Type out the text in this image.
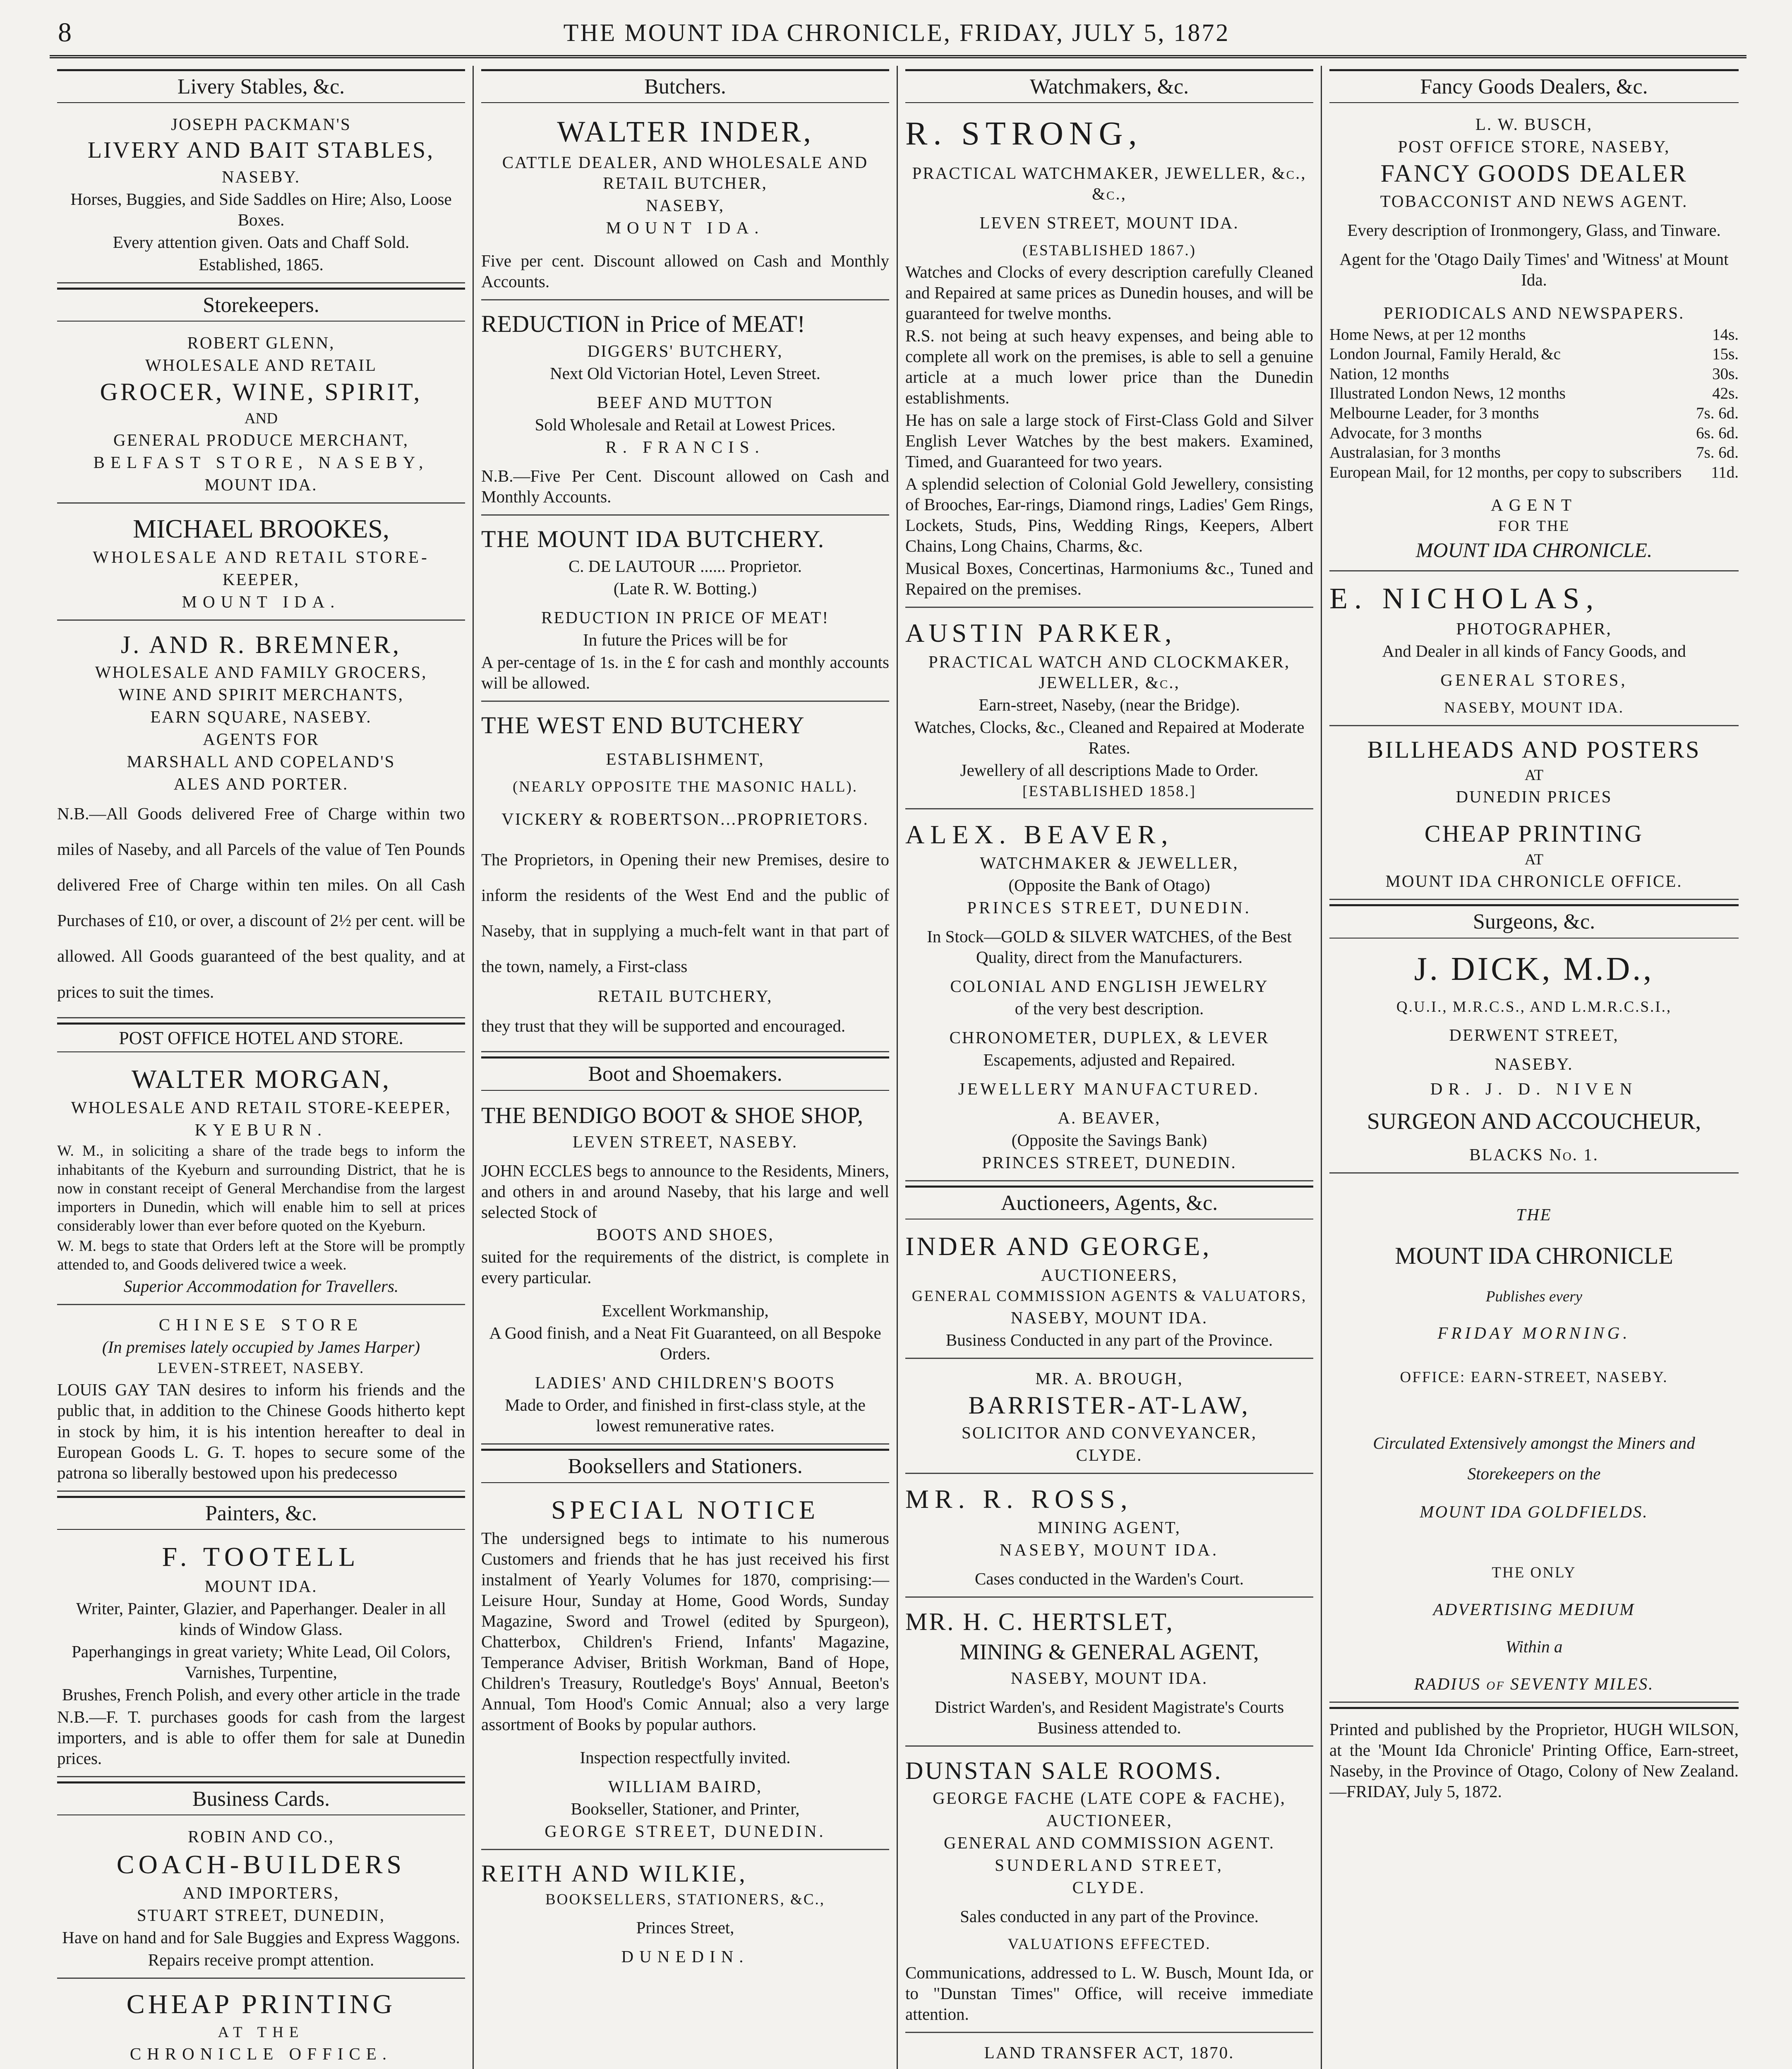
8	THE MOUNT IDA CHRONICLE, FRIDAY, JULY 5, 1872
Livery Stables, &c.

JOSEPH PACKMAN'S

LIVERY AND BAIT STABLES,

NASEBY.

Horses, Buggies, and Side Saddles on Hire; Also, Loose Boxes.

Every attention given. Oats and Chaff Sold.

Established, 1865.

Storekeepers.

ROBERT GLENN,

WHOLESALE AND RETAIL

GROCER, WINE, SPIRIT,

AND

GENERAL PRODUCE MERCHANT,

BELFAST STORE, NASEBY,

MOUNT IDA.

MICHAEL BROOKES,

WHOLESALE AND RETAIL STORE-

KEEPER,

MOUNT IDA.

J. AND R. BREMNER,

WHOLESALE AND FAMILY GROCERS,

WINE AND SPIRIT MERCHANTS,

EARN SQUARE, NASEBY.

AGENTS FOR

MARSHALL AND COPELAND'S

ALES AND PORTER.

N.B.—All Goods delivered Free of Charge within two miles of Naseby, and all Parcels of the value of Ten Pounds delivered Free of Charge within ten miles. On all Cash Purchases of £10, or over, a discount of 2½ per cent. will be allowed. All Goods guaranteed of the best quality, and at prices to suit the times.

POST OFFICE HOTEL AND STORE.

WALTER MORGAN,

WHOLESALE AND RETAIL STORE-KEEPER,

KYEBURN.

W. M., in soliciting a share of the trade begs to inform the inhabitants of the Kyeburn and surrounding District, that he is now in constant receipt of General Merchandise from the largest importers in Dunedin, which will enable him to sell at prices considerably lower than ever before quoted on the Kyeburn.

W. M. begs to state that Orders left at the Store will be promptly attended to, and Goods delivered twice a week.

Superior Accommodation for Travellers.

CHINESE STORE

(In premises lately occupied by James Harper)

LEVEN-STREET, NASEBY.

LOUIS GAY TAN desires to inform his friends and the public that, in addition to the Chinese Goods hitherto kept in stock by him, it is his intention hereafter to deal in European Goods L. G. T. hopes to secure some of the patrona so liberally bestowed upon his predecesso

Painters, &c.

F. TOOTELL

MOUNT IDA.

Writer, Painter, Glazier, and Paperhanger. Dealer in all kinds of Window Glass.

Paperhangings in great variety; White Lead, Oil Colors, Varnishes, Turpentine,

Brushes, French Polish, and every other article in the trade

N.B.—F. T. purchases goods for cash from the largest importers, and is able to offer them for sale at Dunedin prices.

Business Cards.

ROBIN AND CO.,

COACH-BUILDERS

AND IMPORTERS,

STUART STREET, DUNEDIN,

Have on hand and for Sale Buggies and Express Waggons.

Repairs receive prompt attention.

CHEAP PRINTING

AT THE

CHRONICLE OFFICE.

Butchers.

WALTER INDER,

CATTLE DEALER, AND WHOLESALE AND RETAIL BUTCHER,

NASEBY,

MOUNT IDA.

Five per cent. Discount allowed on Cash and Monthly Accounts.

REDUCTION in Price of MEAT!

DIGGERS' BUTCHERY,

Next Old Victorian Hotel, Leven Street.

BEEF AND MUTTON

Sold Wholesale and Retail at Lowest Prices.

R. FRANCIS.

N.B.—Five Per Cent. Discount allowed on Cash and Monthly Accounts.

THE MOUNT IDA BUTCHERY.

C. DE LAUTOUR ...... Proprietor.

(Late R. W. Botting.)

REDUCTION IN PRICE OF MEAT!

In future the Prices will be for

A per-centage of 1s. in the £ for cash and monthly accounts will be allowed.

THE WEST END BUTCHERY

ESTABLISHMENT,

(NEARLY OPPOSITE THE MASONIC HALL).

VICKERY & ROBERTSON...PROPRIETORS.

The Proprietors, in Opening their new Premises, desire to inform the residents of the West End and the public of Naseby, that in supplying a much-felt want in that part of the town, namely, a First-class

RETAIL BUTCHERY,

they trust that they will be supported and encouraged.

Boot and Shoemakers.

THE BENDIGO BOOT & SHOE SHOP,

LEVEN STREET, NASEBY.

JOHN ECCLES begs to announce to the Residents, Miners, and others in and around Naseby, that his large and well selected Stock of

BOOTS AND SHOES,

suited for the requirements of the district, is complete in every particular.

Excellent Workmanship,

A Good finish, and a Neat Fit Guaranteed, on all Bespoke Orders.

LADIES' AND CHILDREN'S BOOTS

Made to Order, and finished in first-class style, at the lowest remunerative rates.

Booksellers and Stationers.

SPECIAL NOTICE

The undersigned begs to intimate to his numerous Customers and friends that he has just received his first instalment of Yearly Volumes for 1870, comprising:—Leisure Hour, Sunday at Home, Good Words, Sunday Magazine, Sword and Trowel (edited by Spurgeon), Chatterbox, Children's Friend, Infants' Magazine, Temperance Adviser, British Workman, Band of Hope, Children's Treasury, Routledge's Boys' Annual, Beeton's Annual, Tom Hood's Comic Annual; also a very large assortment of Books by popular authors.

Inspection respectfully invited.

WILLIAM BAIRD,

Bookseller, Stationer, and Printer,

GEORGE STREET, DUNEDIN.

REITH AND WILKIE,

BOOKSELLERS, STATIONERS, &C.,

Princes Street,

DUNEDIN.

Watchmakers, &c.

R. STRONG,

PRACTICAL WATCHMAKER, JEWELLER, &c., &c.,

LEVEN STREET, MOUNT IDA.

(ESTABLISHED 1867.)

Watches and Clocks of every description carefully Cleaned and Repaired at same prices as Dunedin houses, and will be guaranteed for twelve months.

R.S. not being at such heavy expenses, and being able to complete all work on the premises, is able to sell a genuine article at a much lower price than the Dunedin establishments.

He has on sale a large stock of First-Class Gold and Silver English Lever Watches by the best makers. Examined, Timed, and Guaranteed for two years.

A splendid selection of Colonial Gold Jewellery, consisting of Brooches, Ear-rings, Diamond rings, Ladies' Gem Rings, Lockets, Studs, Pins, Wedding Rings, Keepers, Albert Chains, Long Chains, Charms, &c.

Musical Boxes, Concertinas, Harmoniums &c., Tuned and Repaired on the premises.

AUSTIN PARKER,

PRACTICAL WATCH AND CLOCKMAKER, JEWELLER, &c.,

Earn-street, Naseby, (near the Bridge).

Watches, Clocks, &c., Cleaned and Repaired at Moderate Rates.

Jewellery of all descriptions Made to Order.

[ESTABLISHED 1858.]

ALEX. BEAVER,

WATCHMAKER & JEWELLER,

(Opposite the Bank of Otago)

PRINCES STREET, DUNEDIN.

In Stock—GOLD & SILVER WATCHES, of the Best Quality, direct from the Manufacturers.

COLONIAL AND ENGLISH JEWELRY

of the very best description.

CHRONOMETER, DUPLEX, & LEVER

Escapements, adjusted and Repaired.

JEWELLERY MANUFACTURED.

A. BEAVER,

(Opposite the Savings Bank)

PRINCES STREET, DUNEDIN.

Auctioneers, Agents, &c.

INDER AND GEORGE,

AUCTIONEERS,

GENERAL COMMISSION AGENTS & VALUATORS,

NASEBY, MOUNT IDA.

Business Conducted in any part of the Province.

MR. A. BROUGH,

BARRISTER-AT-LAW,

SOLICITOR AND CONVEYANCER,

CLYDE.

MR. R. ROSS,

MINING AGENT,

NASEBY, MOUNT IDA.

Cases conducted in the Warden's Court.

MR. H. C. HERTSLET,

MINING & GENERAL AGENT,

NASEBY, MOUNT IDA.

District Warden's, and Resident Magistrate's Courts Business attended to.

DUNSTAN SALE ROOMS.

GEORGE FACHE (LATE COPE & FACHE),

AUCTIONEER,

GENERAL AND COMMISSION AGENT.

SUNDERLAND STREET,

CLYDE.

Sales conducted in any part of the Province.

VALUATIONS EFFECTED.

Communications, addressed to L. W. Busch, Mount Ida, or to "Dunstan Times" Office, will receive immediate attention.

LAND TRANSFER ACT, 1870.

Fancy Goods Dealers, &c.

L. W. BUSCH,

POST OFFICE STORE, NASEBY,

FANCY GOODS DEALER

TOBACCONIST AND NEWS AGENT.

Every description of Ironmongery, Glass, and Tinware.

Agent for the 'Otago Daily Times' and 'Witness' at Mount Ida.

PERIODICALS AND NEWSPAPERS.

Home News, at per 12 months	14s.
London Journal, Family Herald, &c	15s.
Nation, 12 months	30s.
Illustrated London News, 12 months	42s.
Melbourne Leader, for 3 months	7s. 6d.
Advocate, for 3 months	6s. 6d.
Australasian, for 3 months	7s. 6d.
European Mail, for 12 months, per copy to subscribers	11d.

AGENT

FOR THE

MOUNT IDA CHRONICLE.

E. NICHOLAS,

PHOTOGRAPHER,

And Dealer in all kinds of Fancy Goods, and

GENERAL STORES,

NASEBY, MOUNT IDA.

BILLHEADS AND POSTERS

AT

DUNEDIN PRICES

CHEAP PRINTING

AT

MOUNT IDA CHRONICLE OFFICE.

Surgeons, &c.

J. DICK, M.D.,

Q.U.I., M.R.C.S., AND L.M.R.C.S.I.,

DERWENT STREET,

NASEBY.

DR. J. D. NIVEN

SURGEON AND ACCOUCHEUR,

BLACKS No. 1.

THE

MOUNT IDA CHRONICLE

Publishes every

FRIDAY MORNING.

OFFICE: EARN-STREET, NASEBY.

Circulated Extensively amongst the Miners and Storekeepers on the

MOUNT IDA GOLDFIELDS.

THE ONLY

ADVERTISING MEDIUM

Within a

RADIUS of SEVENTY MILES.

Printed and published by the Proprietor, HUGH WILSON, at the 'Mount Ida Chronicle' Printing Office, Earn-street, Naseby, in the Province of Otago, Colony of New Zealand.—FRIDAY, July 5, 1872.
